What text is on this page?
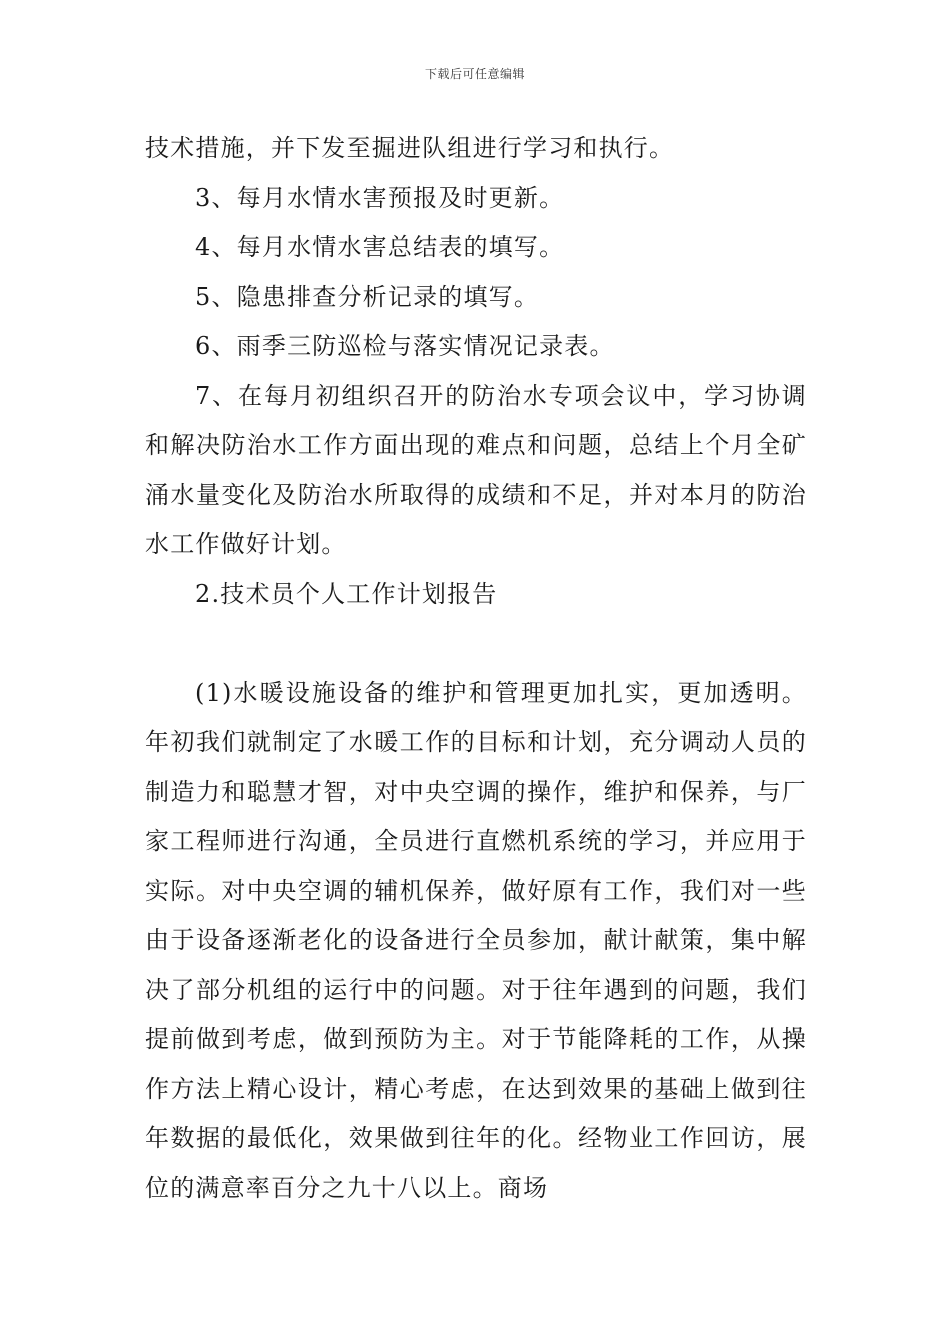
下载后可任意编辑

技术措施，并下发至掘进队组进行学习和执行。

3、每月水情水害预报及时更新。

4、每月水情水害总结表的填写。

5、隐患排查分析记录的填写。

6、雨季三防巡检与落实情况记录表。

7、在每月初组织召开的防治水专项会议中，学习协调和解决防治水工作方面出现的难点和问题，总结上个月全矿涌水量变化及防治水所取得的成绩和不足，并对本月的防治水工作做好计划。

2.技术员个人工作计划报告

(1)水暖设施设备的维护和管理更加扎实，更加透明。年初我们就制定了水暖工作的目标和计划，充分调动人员的制造力和聪慧才智，对中央空调的操作，维护和保养，与厂家工程师进行沟通，全员进行直燃机系统的学习，并应用于实际。对中央空调的辅机保养，做好原有工作，我们对一些由于设备逐渐老化的设备进行全员参加，献计献策，集中解决了部分机组的运行中的问题。对于往年遇到的问题，我们提前做到考虑，做到预防为主。对于节能降耗的工作，从操作方法上精心设计，精心考虑，在达到效果的基础上做到往年数据的最低化，效果做到往年的化。经物业工作回访，展位的满意率百分之九十八以上。商场
